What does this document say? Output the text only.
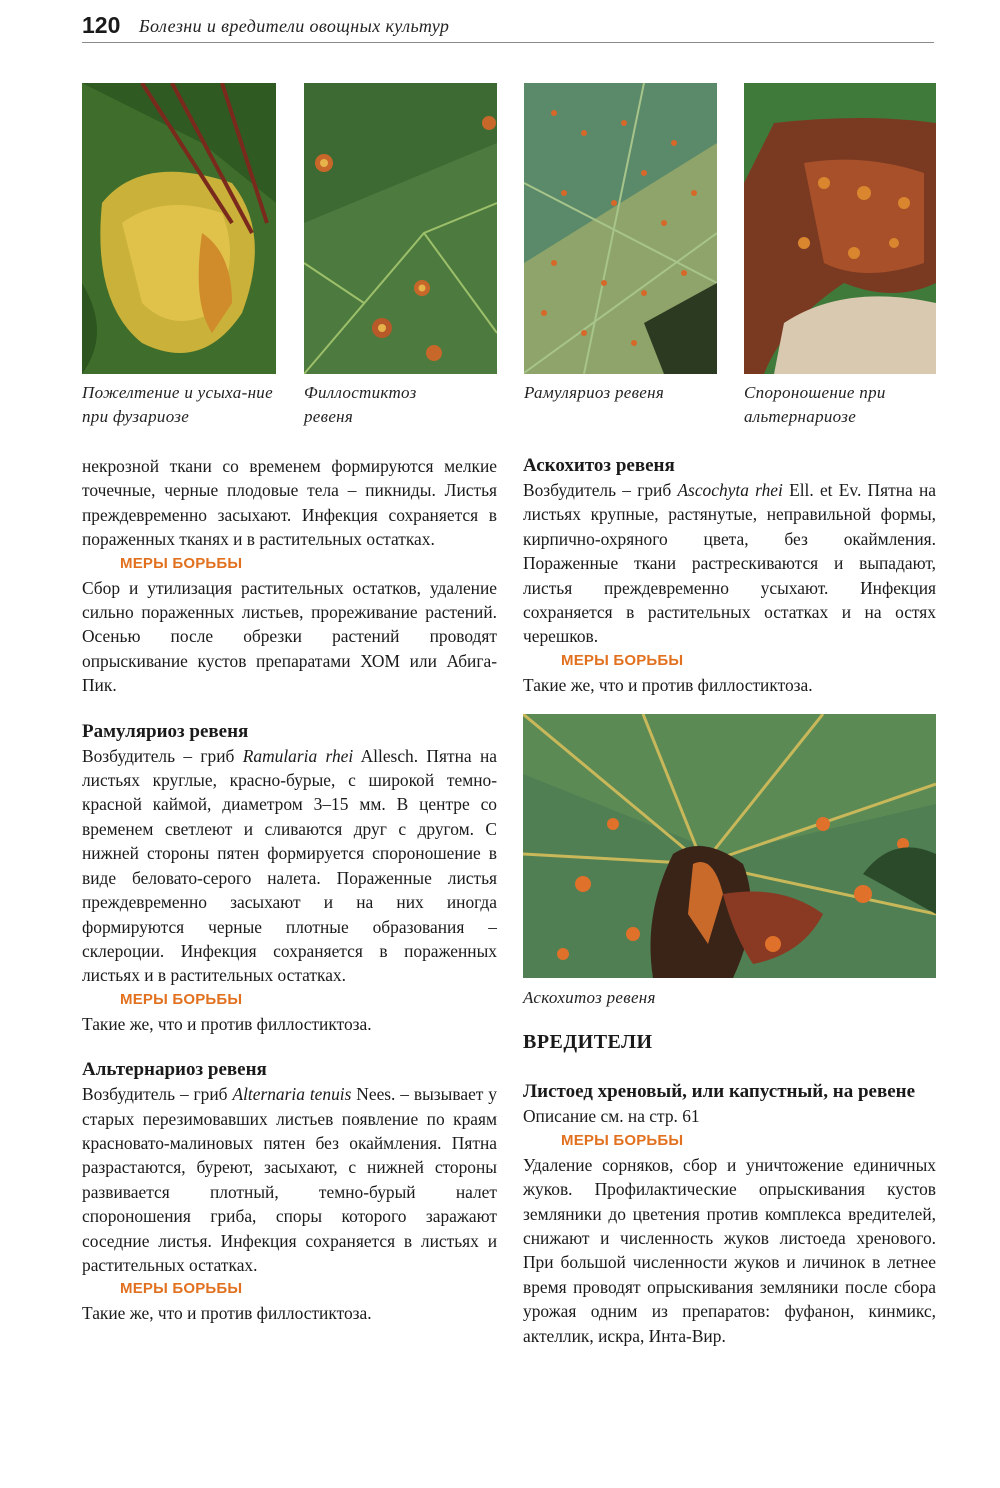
120 Болезни и вредители овощных культур
Пожелтение и усыха-ние при фузариозе
Филлостиктоз ревеня
Рамуляриоз ревеня	Спороношение при альтернариозе

некрозной ткани со временем формируются мелкие точечные, черные плодовые тела – пикниды. Листья преждевременно засыхают. Инфекция сохраняется в пораженных тканях и в растительных остатках.

МЕРЫ БОРЬБЫ

Сбор и утилизация растительных остатков, удаление сильно пораженных листьев, прореживание растений. Осенью после обрезки растений проводят опрыскивание кустов препаратами ХОМ или Абига-Пик.

Рамуляриоз ревеня

Возбудитель – гриб Ramularia rhei Allesch. Пятна на листьях круглые, красно-бурые, с широкой темно-красной каймой, диаметром 3–15 мм. В центре со временем светлеют и сливаются друг с другом. С нижней стороны пятен формируется спороношение в виде беловато-серого налета. Пораженные листья преждевременно засыхают и на них иногда формируются черные плотные образования – склероции. Инфекция сохраняется в пораженных листьях и в растительных остатках.

МЕРЫ БОРЬБЫ

Такие же, что и против филлостиктоза.

Альтернариоз ревеня

Возбудитель – гриб Alternaria tenuis Nees. – вызывает у старых перезимовавших листьев появление по краям красновато-малиновых пятен без окаймления. Пятна разрастаются, буреют, засыхают, с нижней стороны развивается плотный, темно-бурый налет спороношения гриба, споры которого заражают соседние листья. Инфекция сохраняется в листьях и растительных остатках.

МЕРЫ БОРЬБЫ

Такие же, что и против филлостиктоза.

Аскохитоз ревеня

Возбудитель – гриб Ascochyta rhei Ell. et Ev. Пятна на листьях крупные, растянутые, неправильной формы, кирпично-охряного цвета, без окаймления. Пораженные ткани растрескиваются и выпадают, листья преждевременно усыхают. Инфекция сохраняется в растительных остатках и на остях черешков.

МЕРЫ БОРЬБЫ

Такие же, что и против филлостиктоза.

Аскохитоз ревеня
ВРЕДИТЕЛИ
Листоед хреновый, или капустный, на ревене

Описание см. на стр. 61

МЕРЫ БОРЬБЫ

Удаление сорняков, сбор и уничтожение единичных жуков. Профилактические опрыскивания кустов земляники до цветения против комплекса вредителей, снижают и численность жуков листоеда хренового. При большой численности жуков и личинок в летнее время проводят опрыскивания земляники после сбора урожая одним из препаратов: фуфанон, кинмикс, актеллик, искра, Инта-Вир.
